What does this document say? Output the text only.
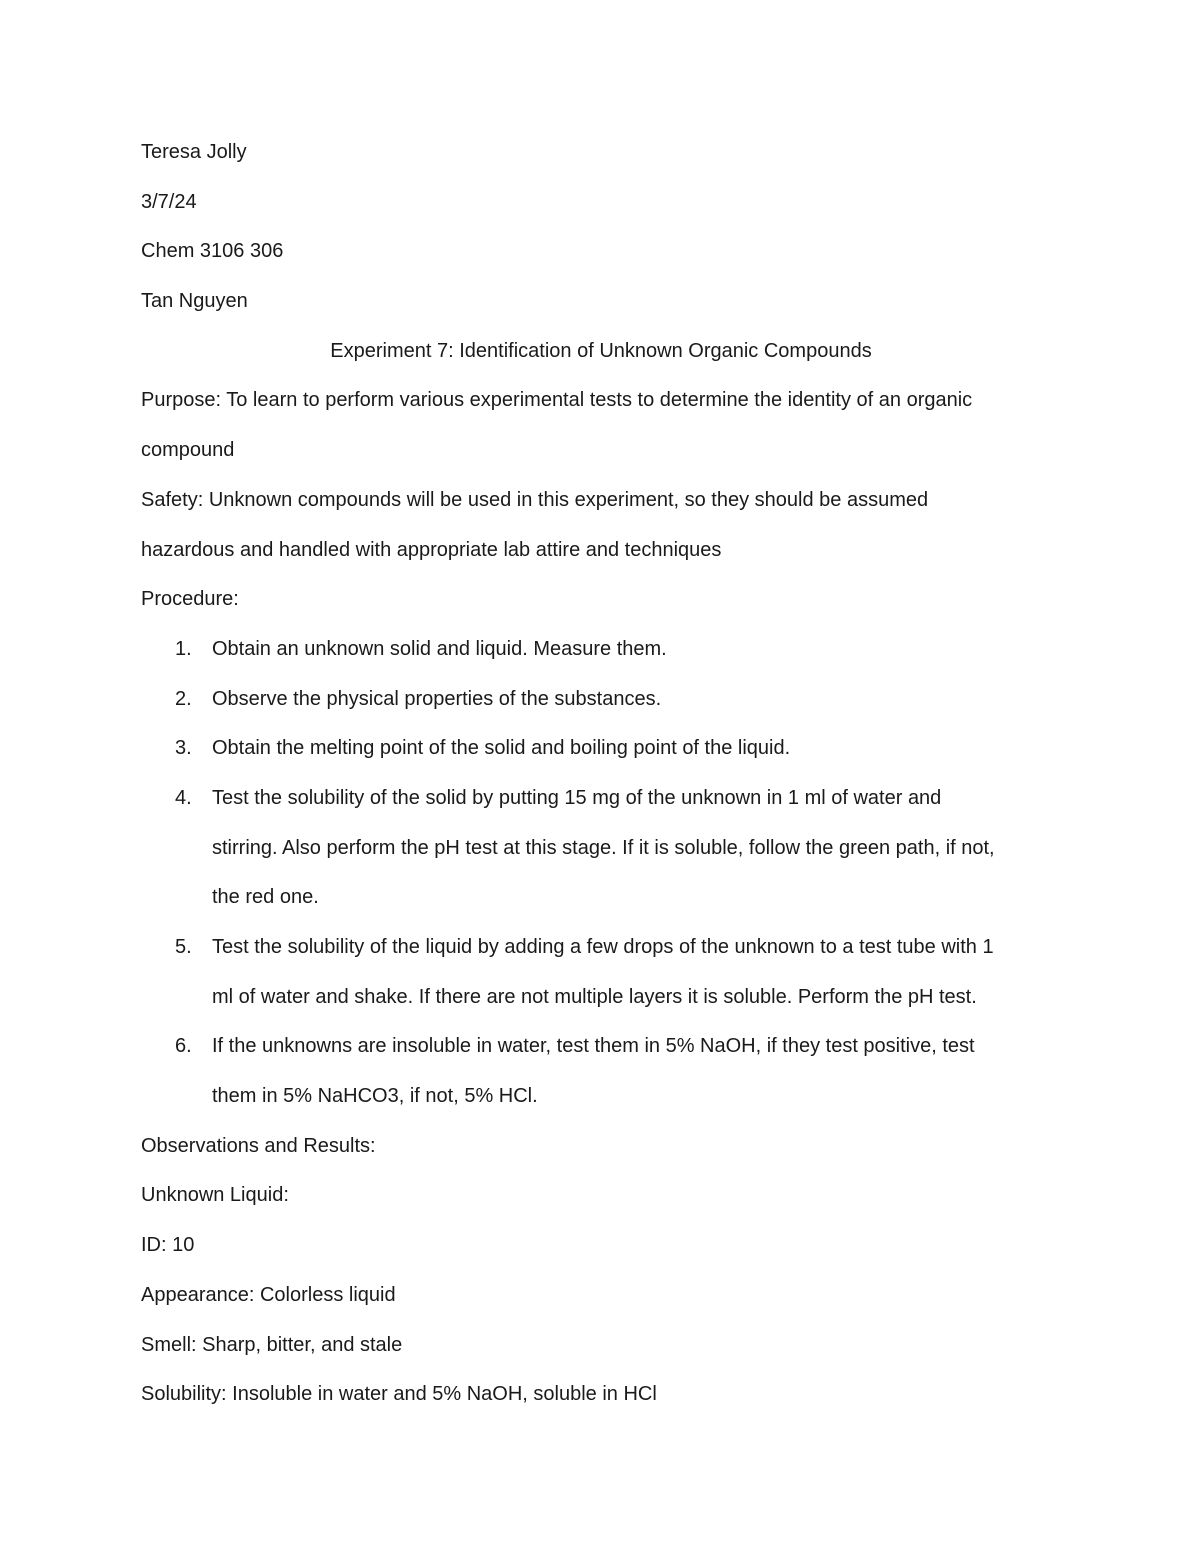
Teresa Jolly
3/7/24
Chem 3106 306
Tan Nguyen
Experiment 7: Identification of Unknown Organic Compounds
Purpose: To learn to perform various experimental tests to determine the identity of an organic
compound
Safety: Unknown compounds will be used in this experiment, so they should be assumed
hazardous and handled with appropriate lab attire and techniques
Procedure:
1. Obtain an unknown solid and liquid. Measure them.
2. Observe the physical properties of the substances.
3. Obtain the melting point of the solid and boiling point of the liquid.
4. Test the solubility of the solid by putting 15 mg of the unknown in 1 ml of water and
stirring. Also perform the pH test at this stage. If it is soluble, follow the green path, if not,
the red one.
5. Test the solubility of the liquid by adding a few drops of the unknown to a test tube with 1
ml of water and shake. If there are not multiple layers it is soluble. Perform the pH test.
6. If the unknowns are insoluble in water, test them in 5% NaOH, if they test positive, test
them in 5% NaHCO3, if not, 5% HCl.
Observations and Results:
Unknown Liquid:
ID: 10
Appearance: Colorless liquid
Smell: Sharp, bitter, and stale
Solubility: Insoluble in water and 5% NaOH, soluble in HCl
